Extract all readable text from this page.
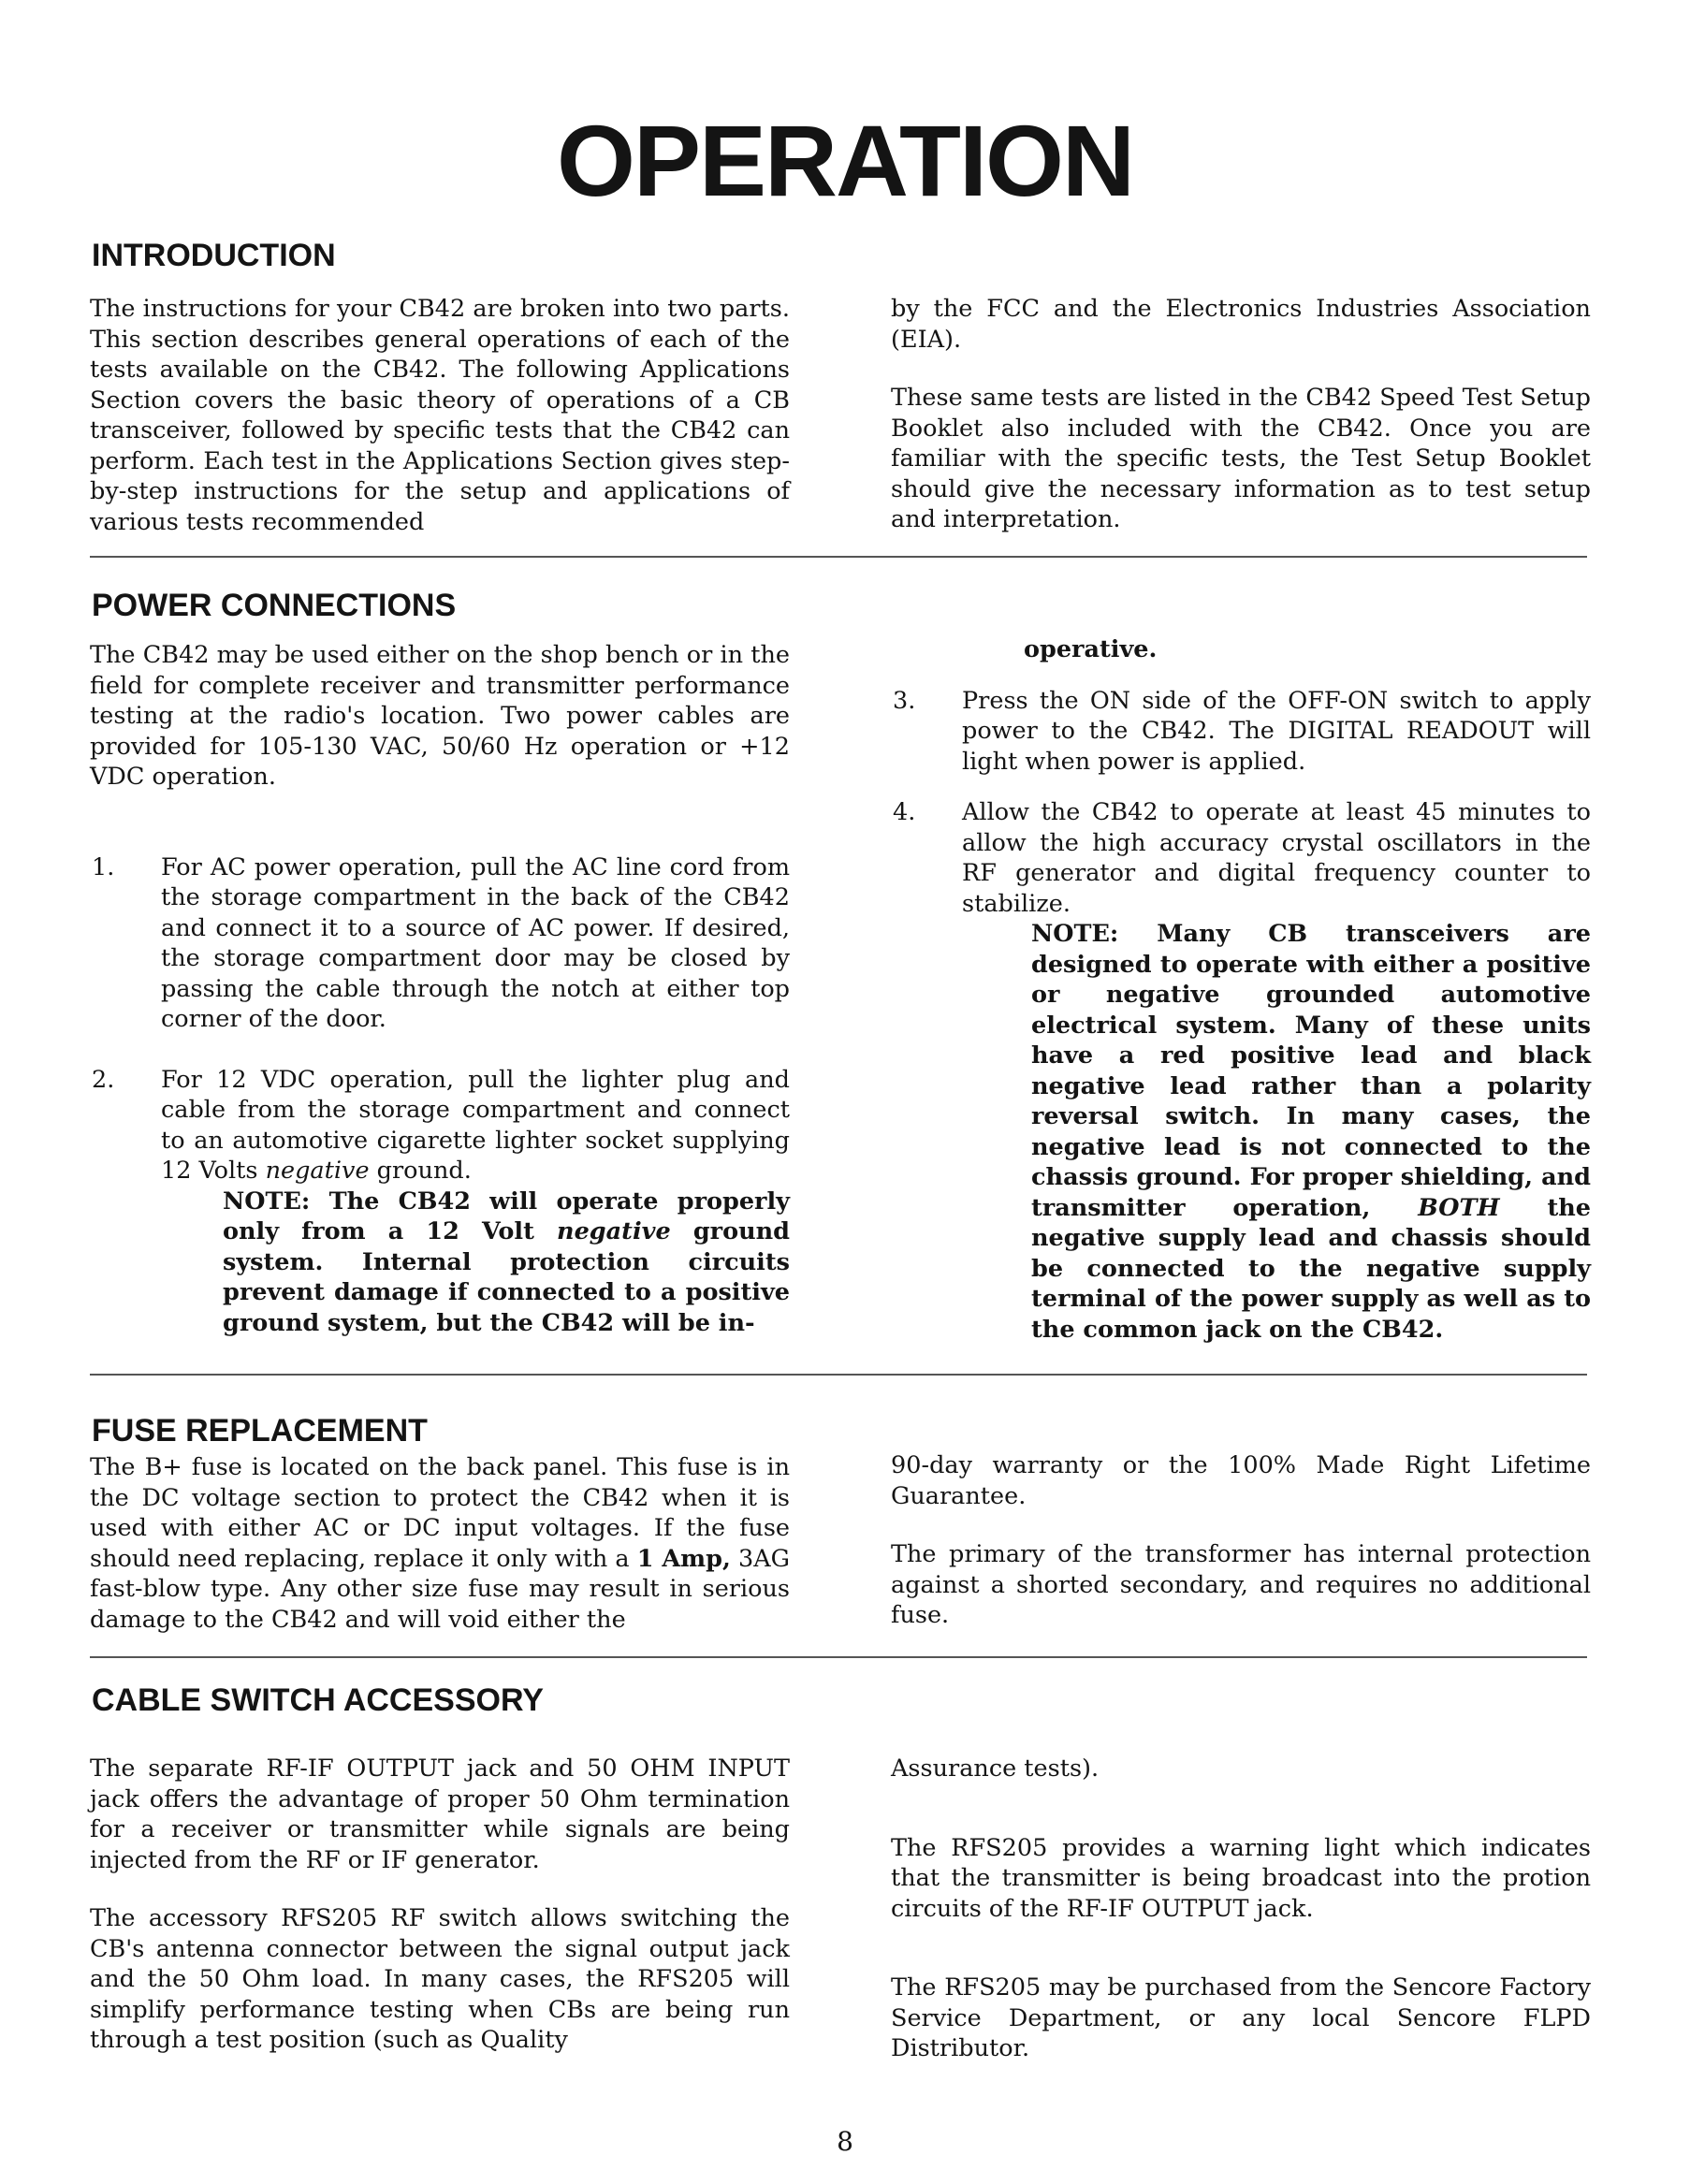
OPERATION
INTRODUCTION

The instructions for your CB42 are broken into two parts. This section describes general operations of each of the tests available on the CB42. The following Applications Section covers the basic theory of operations of a CB transceiver, followed by specific tests that the CB42 can perform. Each test in the Applications Section gives step-by-step instructions for the setup and applications of various tests recommended

by the FCC and the Electronics Industries Association (EIA).

These same tests are listed in the CB42 Speed Test Setup Booklet also included with the CB42. Once you are familiar with the specific tests, the Test Setup Booklet should give the necessary information as to test setup and interpretation.

POWER CONNECTIONS

The CB42 may be used either on the shop bench or in the field for complete receiver and transmitter performance testing at the radio's location. Two power cables are provided for 105-130 VAC, 50/60 Hz operation or +12 VDC operation.

1. For AC power operation, pull the AC line cord from the storage compartment in the back of the CB42 and connect it to a source of AC power. If desired, the storage compartment door may be closed by passing the cable through the notch at either top corner of the door.
2. For 12 VDC operation, pull the lighter plug and cable from the storage compartment and connect to an automotive cigarette lighter socket supplying 12 Volts negative ground.
NOTE: The CB42 will operate properly only from a 12 Volt negative ground system. Internal protection circuits prevent damage if connected to a positive ground system, but the CB42 will be in-

operative.

3. Press the ON side of the OFF-ON switch to apply power to the CB42. The DIGITAL READOUT will light when power is applied.
4. Allow the CB42 to operate at least 45 minutes to allow the high accuracy crystal oscillators in the RF generator and digital frequency counter to stabilize.
NOTE: Many CB transceivers are designed to operate with either a positive or negative grounded automotive electrical system. Many of these units have a red positive lead and black negative lead rather than a polarity reversal switch. In many cases, the negative lead is not connected to the chassis ground. For proper shielding, and transmitter operation, BOTH the negative supply lead and chassis should be connected to the negative supply terminal of the power supply as well as to the common jack on the CB42.
FUSE REPLACEMENT

The B+ fuse is located on the back panel. This fuse is in the DC voltage section to protect the CB42 when it is used with either AC or DC input voltages. If the fuse should need replacing, replace it only with a 1 Amp, 3AG fast-blow type. Any other size fuse may result in serious damage to the CB42 and will void either the

90-day warranty or the 100% Made Right Lifetime Guarantee.

The primary of the transformer has internal protection against a shorted secondary, and requires no additional fuse.

CABLE SWITCH ACCESSORY

The separate RF-IF OUTPUT jack and 50 OHM INPUT jack offers the advantage of proper 50 Ohm termination for a receiver or transmitter while signals are being injected from the RF or IF generator.

The accessory RFS205 RF switch allows switching the CB's antenna connector between the signal output jack and the 50 Ohm load. In many cases, the RFS205 will simplify performance testing when CBs are being run through a test position (such as Quality

Assurance tests).

The RFS205 provides a warning light which indicates that the transmitter is being broadcast into the protion circuits of the RF-IF OUTPUT jack.

The RFS205 may be purchased from the Sencore Factory Service Department, or any local Sencore FLPD Distributor.

8
